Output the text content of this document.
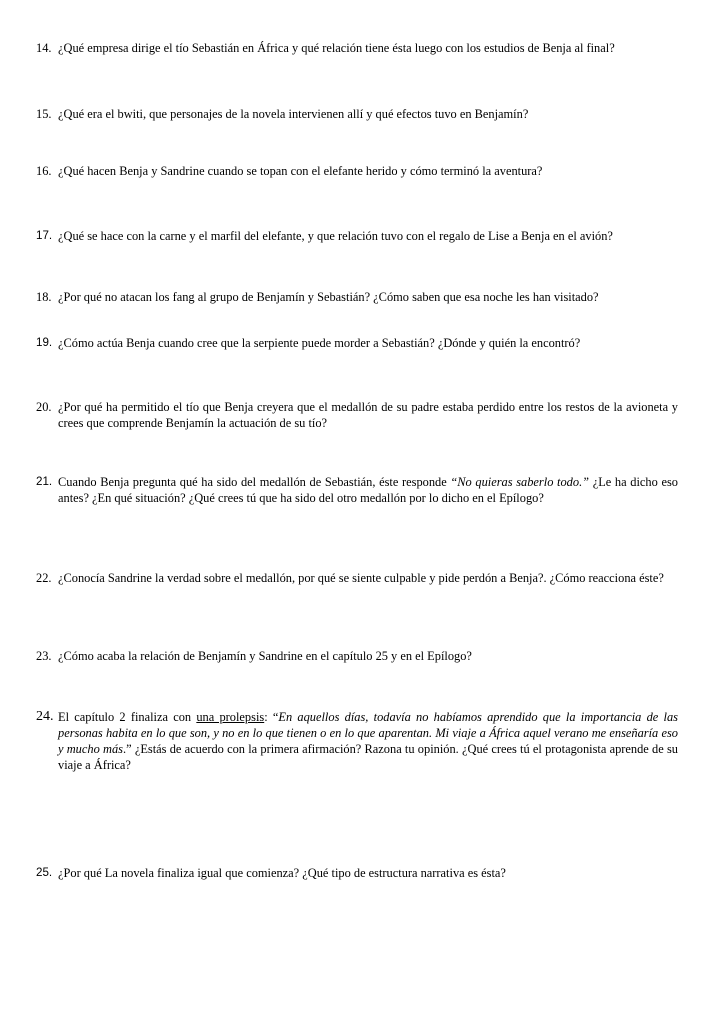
14. ¿Qué empresa dirige el tío Sebastián en África y qué relación tiene ésta luego con los estudios de Benja al final?
15. ¿Qué era el bwiti, que personajes de la novela intervienen allí y qué efectos tuvo en Benjamín?
16. ¿Qué hacen Benja y Sandrine cuando se topan con el elefante herido y cómo terminó la aventura?
17. ¿Qué se hace con la carne y el marfil del elefante, y que relación tuvo con el regalo de Lise a Benja en el avión?
18. ¿Por qué no atacan los fang al grupo de Benjamín y Sebastián? ¿Cómo saben que esa noche les han visitado?
19. ¿Cómo actúa Benja cuando cree que la serpiente puede morder a Sebastián? ¿Dónde y quién la encontró?
20. ¿Por qué ha permitido el tío que Benja creyera que el medallón de su padre estaba perdido entre los restos de la avioneta y crees que comprende Benjamín la actuación de su tío?
21. Cuando Benja pregunta qué ha sido del medallón de Sebastián, éste responde “No quieras saberlo todo.” ¿Le ha dicho eso antes? ¿En qué situación? ¿Qué crees tú que ha sido del otro medallón por lo dicho en el Epílogo?
22. ¿Conocía Sandrine la verdad sobre el medallón, por qué se siente culpable y pide perdón a Benja?. ¿Cómo reacciona éste?
23. ¿Cómo acaba la relación de Benjamín y Sandrine en el capítulo 25 y en el Epílogo?
24. El capítulo 2 finaliza con una prolepsis: “En aquellos días, todavía no habíamos aprendido que la importancia de las personas habita en lo que son, y no en lo que tienen o en lo que aparentan. Mi viaje a África aquel verano me enseñaría eso y mucho más.” ¿Estás de acuerdo con la primera afirmación? Razona tu opinión. ¿Qué crees tú el protagonista aprende de su viaje a África?
25. ¿Por qué La novela finaliza igual que comienza? ¿Qué tipo de estructura narrativa es ésta?
